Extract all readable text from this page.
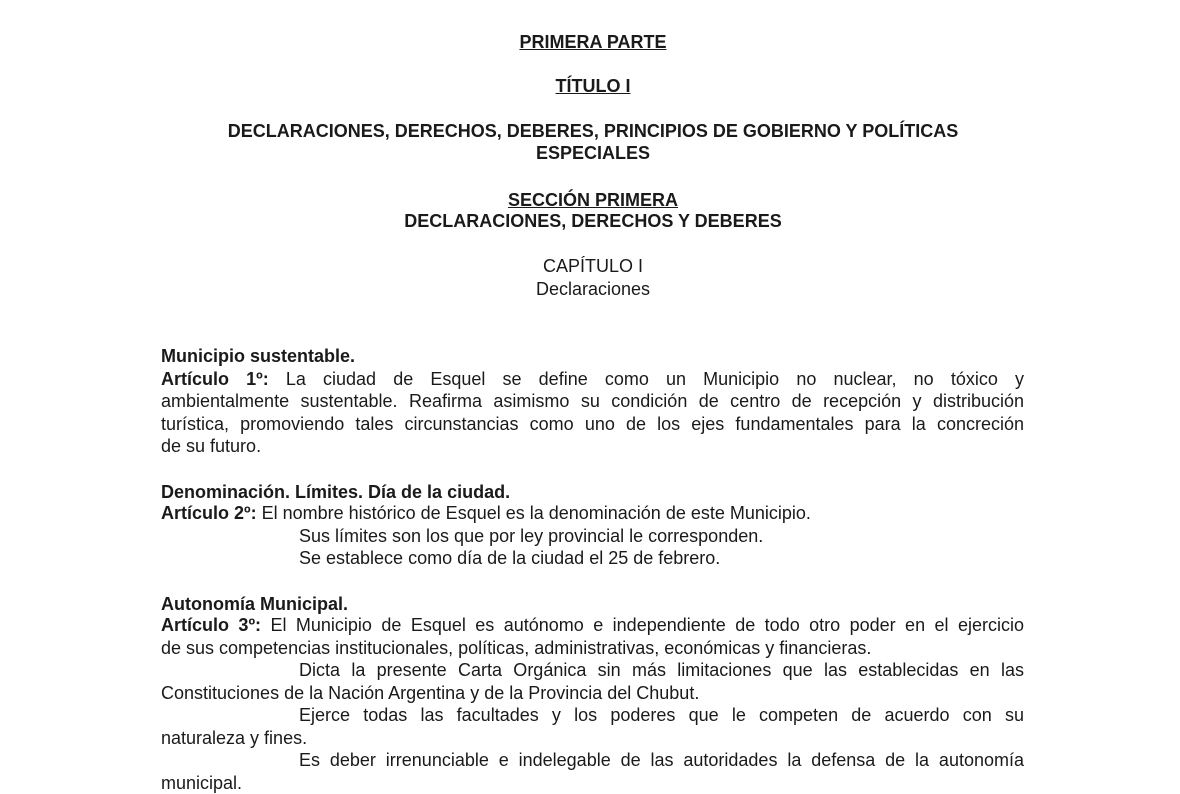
PRIMERA PARTE
TÍTULO I
DECLARACIONES, DERECHOS, DEBERES, PRINCIPIOS DE GOBIERNO Y POLÍTICAS
ESPECIALES
SECCIÓN PRIMERA
DECLARACIONES, DERECHOS Y DEBERES
CAPÍTULO I
Declaraciones
Municipio sustentable.
Artículo 1º: La ciudad de Esquel se define como un Municipio no nuclear, no tóxico y
ambientalmente sustentable. Reafirma asimismo su condición de centro de recepción y distribución
turística, promoviendo tales circunstancias como uno de los ejes fundamentales para la concreción
de su futuro.
Denominación. Límites. Día de la ciudad.
Artículo 2º: El nombre histórico de Esquel es la denominación de este Municipio.
Sus límites son los que por ley provincial le corresponden.
Se establece como día de la ciudad el 25 de febrero.
Autonomía Municipal.
Artículo 3º: El Municipio de Esquel es autónomo e independiente de todo otro poder en el ejercicio
de sus competencias institucionales, políticas, administrativas, económicas y financieras.
Dicta la presente Carta Orgánica sin más limitaciones que las establecidas en las
Constituciones de la Nación Argentina y de la Provincia del Chubut.
Ejerce todas las facultades y los poderes que le competen de acuerdo con su
naturaleza y fines.
Es deber irrenunciable e indelegable de las autoridades la defensa de la autonomía
municipal.
